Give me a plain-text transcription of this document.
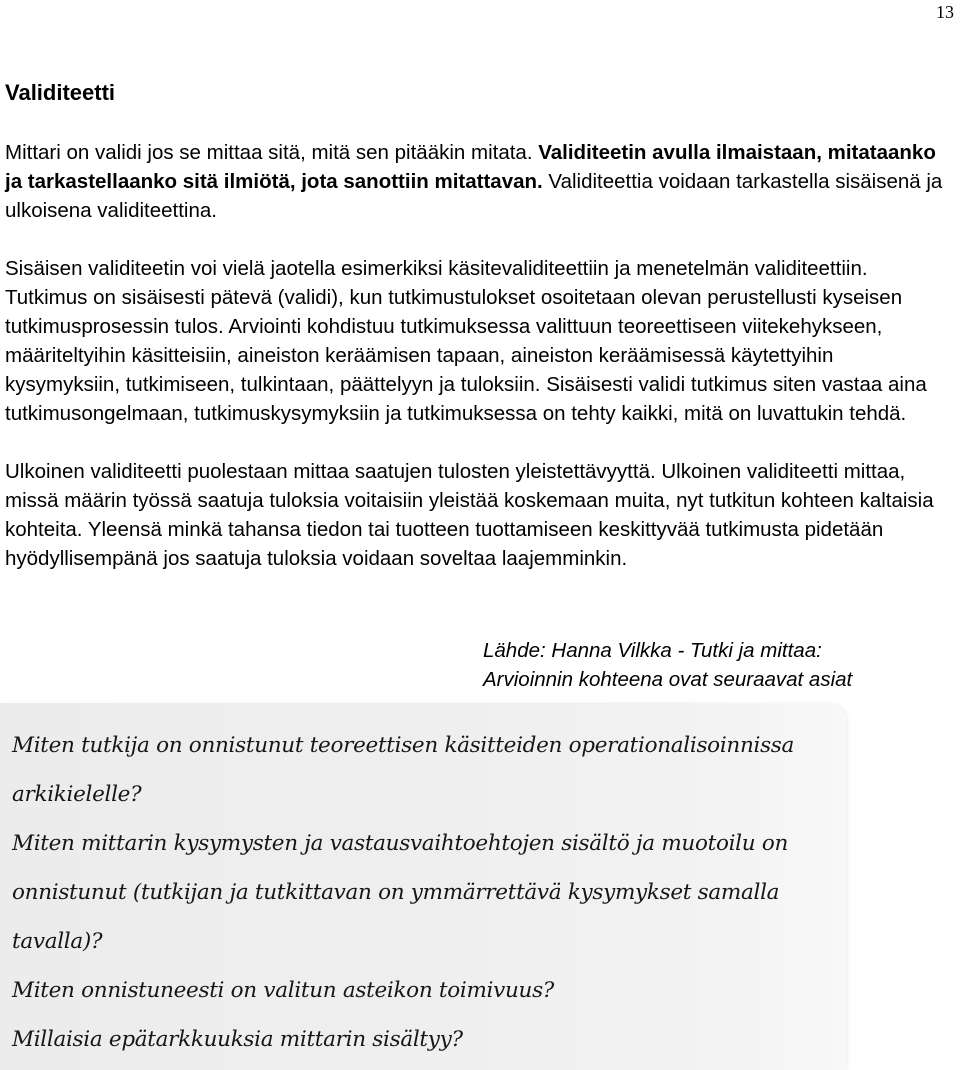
13
Validiteetti

Mittari on validi jos se mittaa sitä, mitä sen pitääkin mitata. Validiteetin avulla ilmaistaan, mitataanko ja tarkastellaanko sitä ilmiötä, jota sanottiin mitattavan. Validiteettia voidaan tarkastella sisäisenä ja ulkoisena validiteettina.

Sisäisen validiteetin voi vielä jaotella esimerkiksi käsitevaliditeettiin ja menetelmän validiteettiin. Tutkimus on sisäisesti pätevä (validi), kun tutkimustulokset osoitetaan olevan perustellusti kyseisen tutkimusprosessin tulos. Arviointi kohdistuu tutkimuksessa valittuun teoreettiseen viitekehykseen, määriteltyihin käsitteisiin, aineiston keräämisen tapaan, aineiston keräämisessä käytettyihin kysymyksiin, tutkimiseen, tulkintaan, päättelyyn ja tuloksiin. Sisäisesti validi tutkimus siten vastaa aina tutkimusongelmaan, tutkimuskysymyksiin ja tutkimuksessa on tehty kaikki, mitä on luvattukin tehdä.

Ulkoinen validiteetti puolestaan mittaa saatujen tulosten yleistettävyyttä. Ulkoinen validiteetti mittaa, missä määrin työssä saatuja tuloksia voitaisiin yleistää koskemaan muita, nyt tutkitun kohteen kaltaisia kohteita. Yleensä minkä tahansa tiedon tai tuotteen tuottamiseen keskittyvää tutkimusta pidetään hyödyllisempänä jos saatuja tuloksia voidaan soveltaa laajemminkin.

Lähde: Hanna Vilkka - Tutki ja mittaa:
Arvioinnin kohteena ovat seuraavat asiat
Miten tutkija on onnistunut teoreettisen käsitteiden operationalisoinnissa
arkikielelle?
Miten mittarin kysymysten ja vastausvaihtoehtojen sisältö ja muotoilu on
onnistunut (tutkijan ja tutkittavan on ymmärrettävä kysymykset samalla
tavalla)?
Miten onnistuneesti on valitun asteikon toimivuus?
Millaisia epätarkkuuksia mittarin sisältyy?
